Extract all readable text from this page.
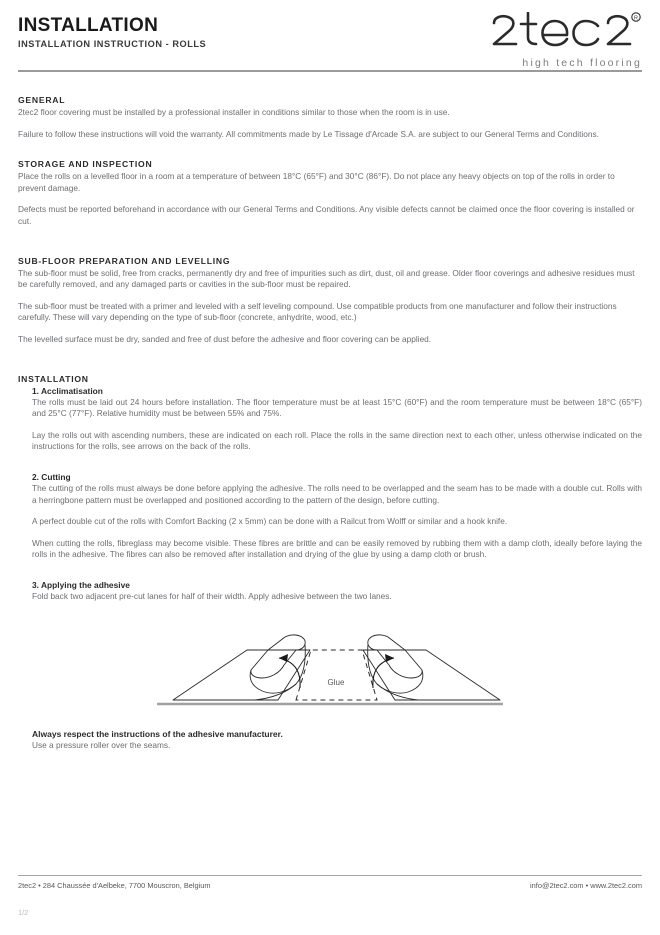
INSTALLATION
INSTALLATION INSTRUCTION - ROLLS
R
high tech flooring
GENERAL

2tec2 floor covering must be installed by a professional installer in conditions similar to those when the room is in use.

Failure to follow these instructions will void the warranty. All commitments made by Le Tissage d'Arcade S.A. are subject to our General Terms and Conditions.

STORAGE AND INSPECTION

Place the rolls on a levelled floor in a room at a temperature of between 18°C (65°F) and 30°C (86°F). Do not place any heavy objects on top of the rolls in order to prevent damage.

Defects must be reported beforehand in accordance with our General Terms and Conditions. Any visible defects cannot be claimed once the floor covering is installed or cut.

SUB-FLOOR PREPARATION AND LEVELLING

The sub-floor must be solid, free from cracks, permanently dry and free of impurities such as dirt, dust, oil and grease. Older floor coverings and adhesive residues must be carefully removed, and any damaged parts or cavities in the sub-floor must be repaired.

The sub-floor must be treated with a primer and leveled with a self leveling compound. Use compatible products from one manufacturer and follow their instructions carefully. These will vary depending on the type of sub-floor (concrete, anhydrite, wood, etc.)

The levelled surface must be dry, sanded and free of dust before the adhesive and floor covering can be applied.

INSTALLATION
1. Acclimatisation

The rolls must be laid out 24 hours before installation. The floor temperature must be at least 15°C (60°F) and the room temperature must be between 18°C (65°F) and 25°C (77°F). Relative humidity must be between 55% and 75%.

Lay the rolls out with ascending numbers, these are indicated on each roll. Place the rolls in the same direction next to each other, unless otherwise indicated on the instructions for the rolls, see arrows on the back of the rolls.

2. Cutting

The cutting of the rolls must always be done before applying the adhesive. The rolls need to be overlapped and the seam has to be made with a double cut. Rolls with a herringbone pattern must be overlapped and positioned according to the pattern of the design, before cutting.

A perfect double cut of the rolls with Comfort Backing (2 x 5mm) can be done with a Railcut from Wolff or similar and a hook knife.

When cutting the rolls, fibreglass may become visible. These fibres are brittle and can be easily removed by rubbing them with a damp cloth, ideally before laying the rolls in the adhesive. The fibres can also be removed after installation and drying of the glue by using a damp cloth or brush.

3. Applying the adhesive

Fold back two adjacent pre-cut lanes for half of their width. Apply adhesive between the two lanes.

Glue
Always respect the instructions of the adhesive manufacturer.
Use a pressure roller over the seams.
2tec2 • 284 Chaussée d'Aelbeke, 7700 Mouscron, Belgium	info@2tec2.com • www.2tec2.com
1/2
